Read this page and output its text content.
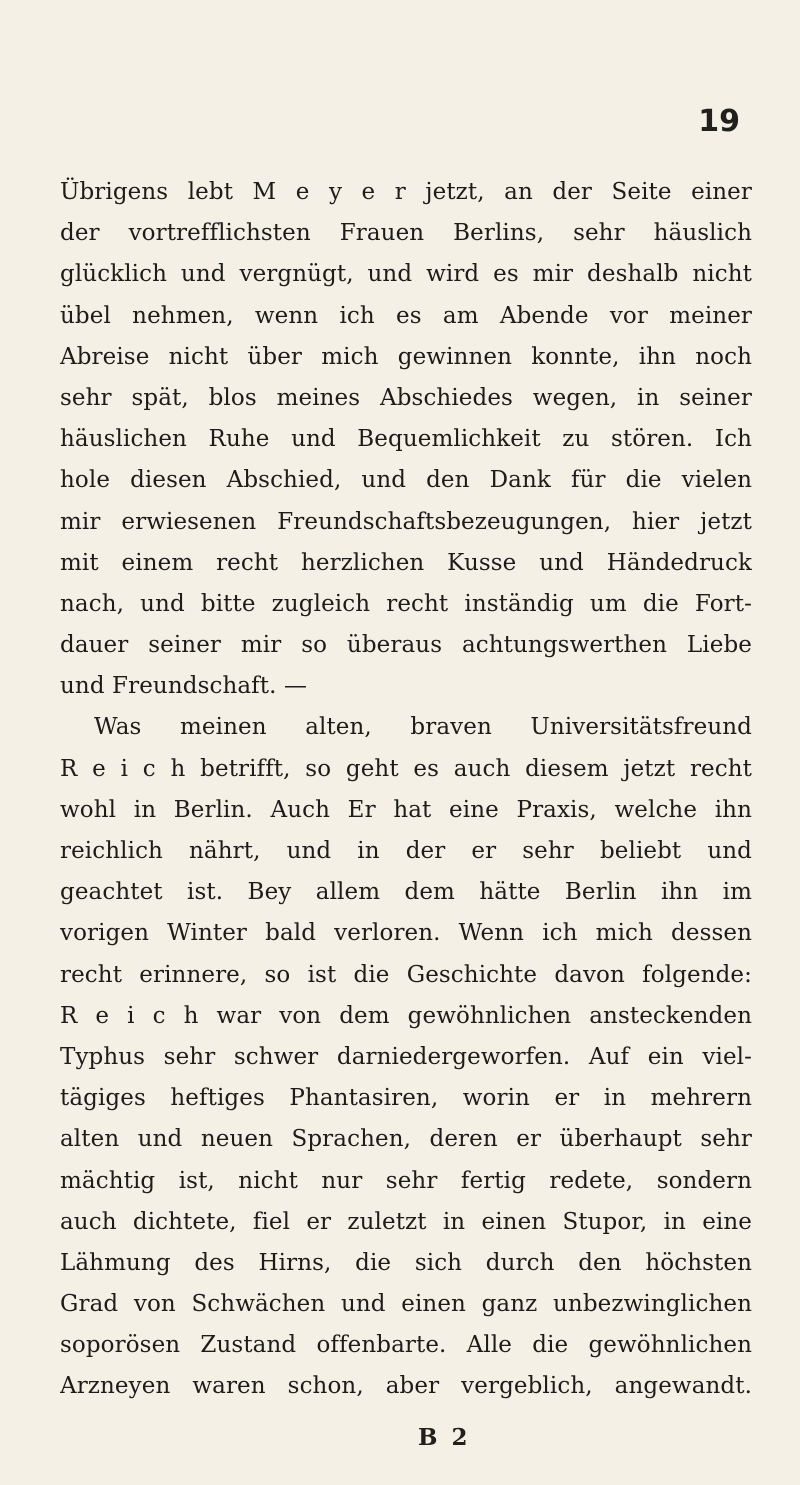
19
Übrigens lebt M e y e r jetzt, an der Seite einer
der vortrefflichsten Frauen Berlins, sehr häuslich
glücklich und vergnügt, und wird es mir deshalb nicht
übel nehmen, wenn ich es am Abende vor meiner
Abreise nicht über mich gewinnen konnte, ihn noch
sehr spät, blos meines Abschiedes wegen, in seiner
häuslichen Ruhe und Bequemlichkeit zu stören. Ich
hole diesen Abschied, und den Dank für die vielen
mir erwiesenen Freundschaftsbezeugungen, hier jetzt
mit einem recht herzlichen Kusse und Händedruck
nach, und bitte zugleich recht inständig um die Fort-
dauer seiner mir so überaus achtungswerthen Liebe
und Freundschaft. —
Was meinen alten, braven Universitätsfreund
R e i c h betrifft, so geht es auch diesem jetzt recht
wohl in Berlin. Auch Er hat eine Praxis, welche ihn
reichlich nährt, und in der er sehr beliebt und
geachtet ist. Bey allem dem hätte Berlin ihn im
vorigen Winter bald verloren. Wenn ich mich dessen
recht erinnere, so ist die Geschichte davon folgende:
R e i c h war von dem gewöhnlichen ansteckenden
Typhus sehr schwer darniedergeworfen. Auf ein viel-
tägiges heftiges Phantasiren, worin er in mehrern
alten und neuen Sprachen, deren er überhaupt sehr
mächtig ist, nicht nur sehr fertig redete, sondern
auch dichtete, fiel er zuletzt in einen Stupor, in eine
Lähmung des Hirns, die sich durch den höchsten
Grad von Schwächen und einen ganz unbezwinglichen
soporösen Zustand offenbarte. Alle die gewöhnlichen
Arzneyen waren schon, aber vergeblich, angewandt.
B 2
